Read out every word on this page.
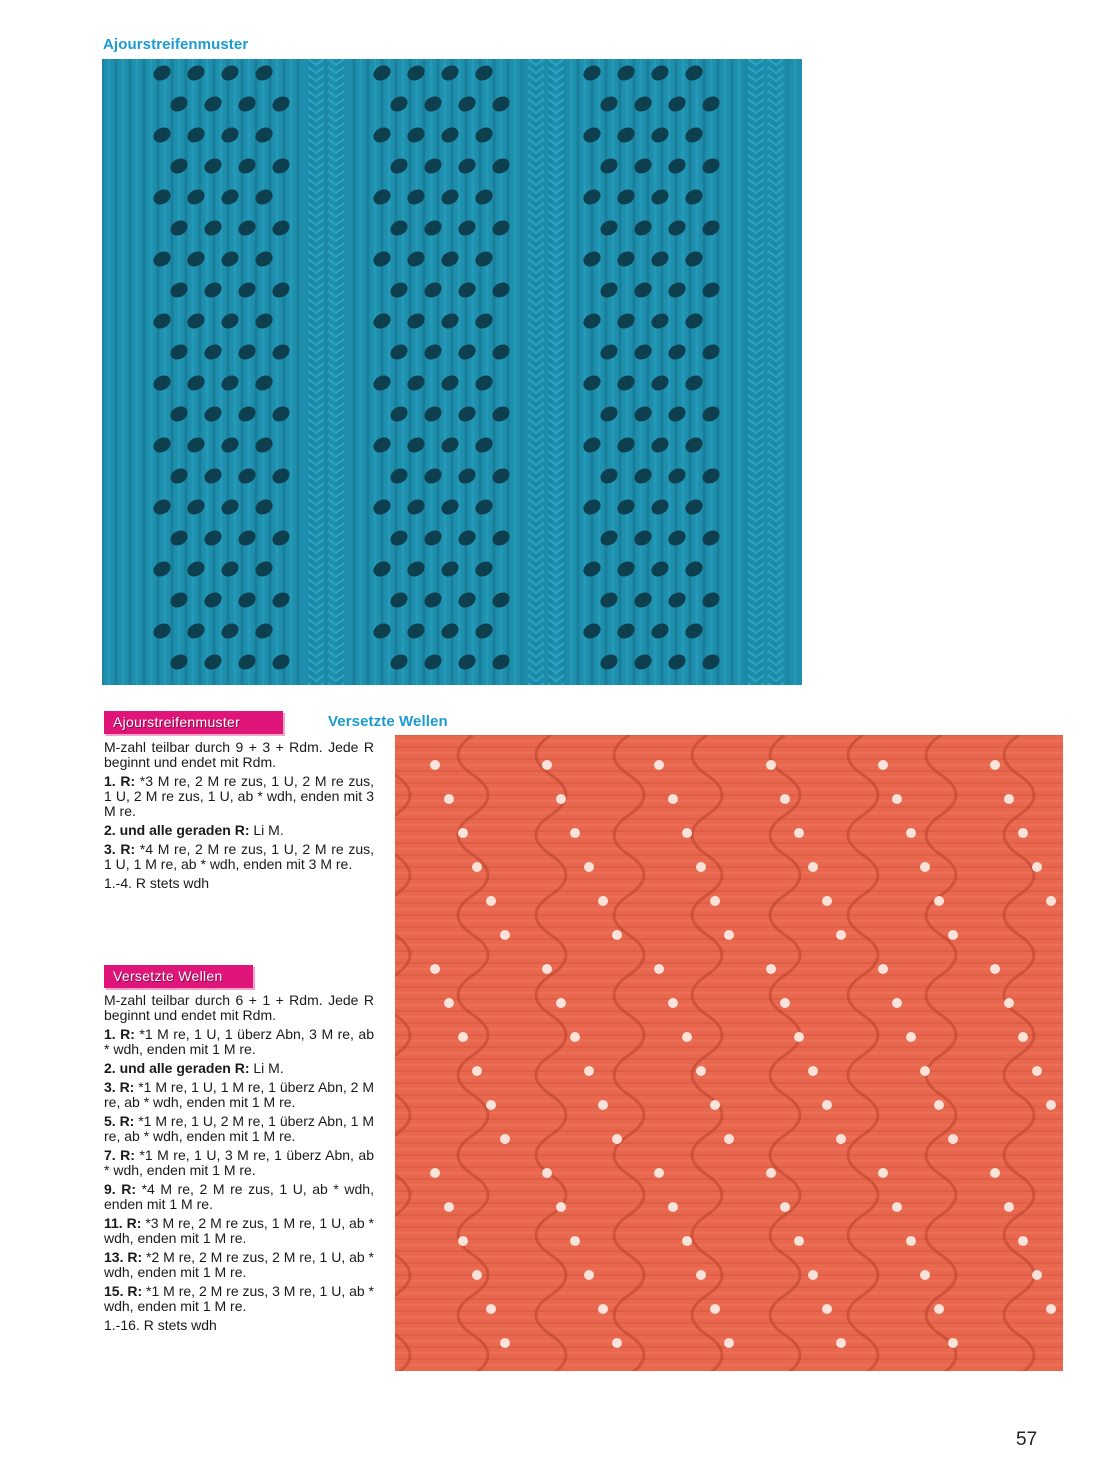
Ajourstreifenmuster
Ajourstreifenmuster	Versetzte Wellen

M-zahl teilbar durch 9 + 3 + Rdm. Jede R beginnt und endet mit Rdm.

1. R: *3 M re, 2 M re zus, 1 U, 2 M re zus, 1 U, 2 M re zus, 1 U, ab * wdh, enden mit 3 M re.

2. und alle geraden R: Li M.

3. R: *4 M re, 2 M re zus, 1 U, 2 M re zus, 1 U, 1 M re, ab * wdh, enden mit 3 M re.

1.-4. R stets wdh

Versetzte Wellen

M-zahl teilbar durch 6 + 1 + Rdm. Jede R beginnt und endet mit Rdm.

1. R: *1 M re, 1 U, 1 überz Abn, 3 M re, ab * wdh, enden mit 1 M re.

2. und alle geraden R: Li M.

3. R: *1 M re, 1 U, 1 M re, 1 überz Abn, 2 M re, ab * wdh, enden mit 1 M re.

5. R: *1 M re, 1 U, 2 M re, 1 überz Abn, 1 M re, ab * wdh, enden mit 1 M re.

7. R: *1 M re, 1 U, 3 M re, 1 überz Abn, ab * wdh, enden mit 1 M re.

9. R: *4 M re, 2 M re zus, 1 U, ab * wdh, enden mit 1 M re.

11. R: *3 M re, 2 M re zus, 1 M re, 1 U, ab * wdh, enden mit 1 M re.

13. R: *2 M re, 2 M re zus, 2 M re, 1 U, ab * wdh, enden mit 1 M re.

15. R: *1 M re, 2 M re zus, 3 M re, 1 U, ab * wdh, enden mit 1 M re.

1.-16. R stets wdh

57
